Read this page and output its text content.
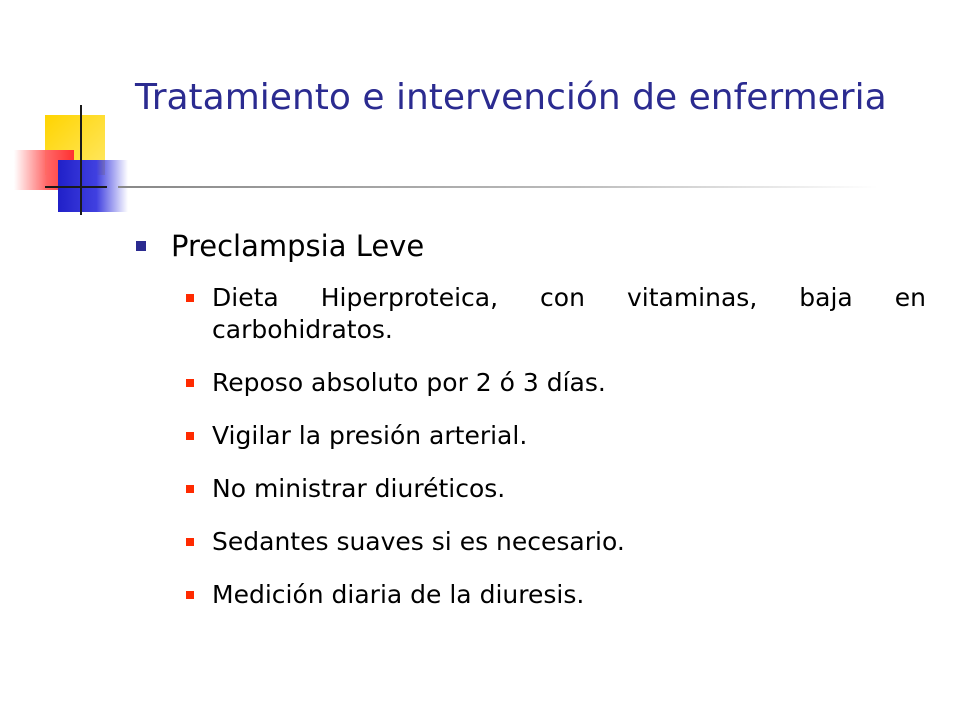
Tratamiento e intervención de enfermeria
Preclampsia Leve
Dieta Hiperproteica, con vitaminas, baja en carbohidratos.
Reposo absoluto por 2 ó 3 días.
Vigilar la presión arterial.
No ministrar diuréticos.
Sedantes suaves si es necesario.
Medición diaria de la diuresis.
